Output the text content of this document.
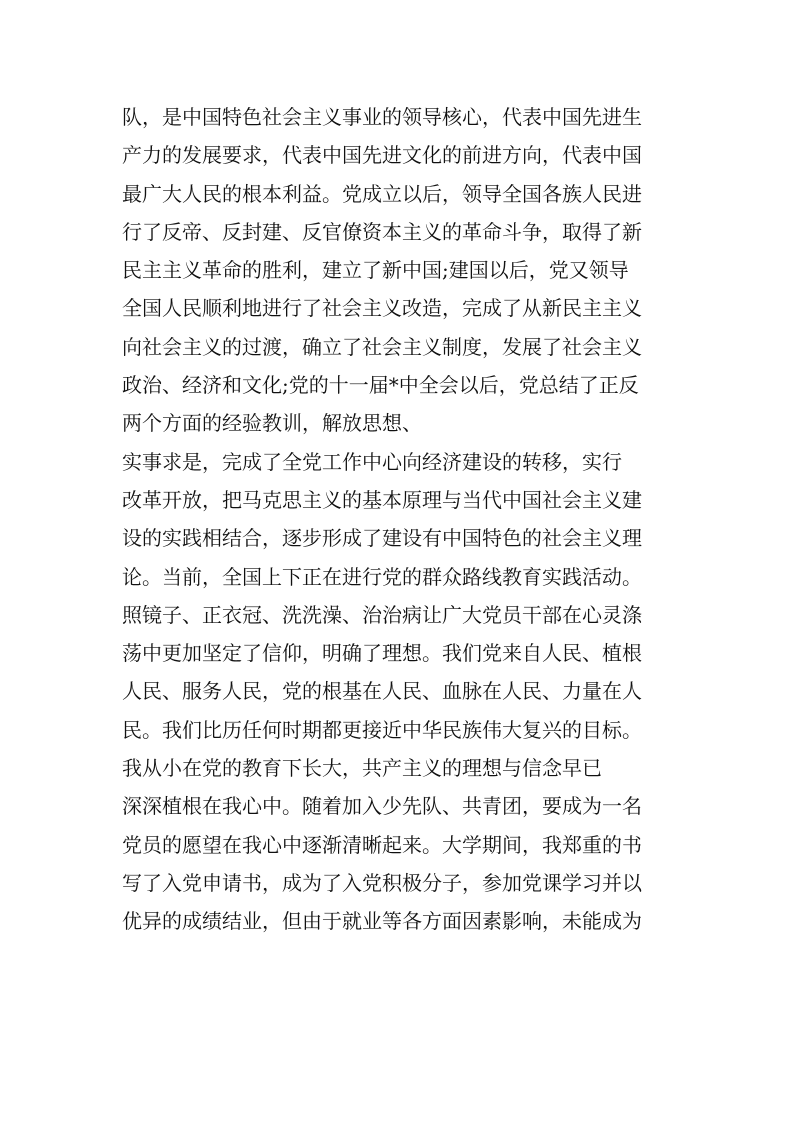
队，是中国特色社会主义事业的领导核心，代表中国先进生
产力的发展要求，代表中国先进文化的前进方向，代表中国
最广大人民的根本利益。党成立以后，领导全国各族人民进
行了反帝、反封建、反官僚资本主义的革命斗争，取得了新
民主主义革命的胜利，建立了新中国;建国以后，党又领导
全国人民顺利地进行了社会主义改造，完成了从新民主主义
向社会主义的过渡，确立了社会主义制度，发展了社会主义
政治、经济和文化;党的十一届*中全会以后，党总结了正反
两个方面的经验教训，解放思想、
实事求是，完成了全党工作中心向经济建设的转移，实行
改革开放，把马克思主义的基本原理与当代中国社会主义建
设的实践相结合，逐步形成了建设有中国特色的社会主义理
论。当前，全国上下正在进行党的群众路线教育实践活动。
照镜子、正衣冠、洗洗澡、治治病让广大党员干部在心灵涤
荡中更加坚定了信仰，明确了理想。我们党来自人民、植根
人民、服务人民，党的根基在人民、血脉在人民、力量在人
民。我们比历任何时期都更接近中华民族伟大复兴的目标。
我从小在党的教育下长大，共产主义的理想与信念早已
深深植根在我心中。随着加入少先队、共青团，要成为一名
党员的愿望在我心中逐渐清晰起来。大学期间，我郑重的书
写了入党申请书，成为了入党积极分子，参加党课学习并以
优异的成绩结业，但由于就业等各方面因素影响，未能成为
